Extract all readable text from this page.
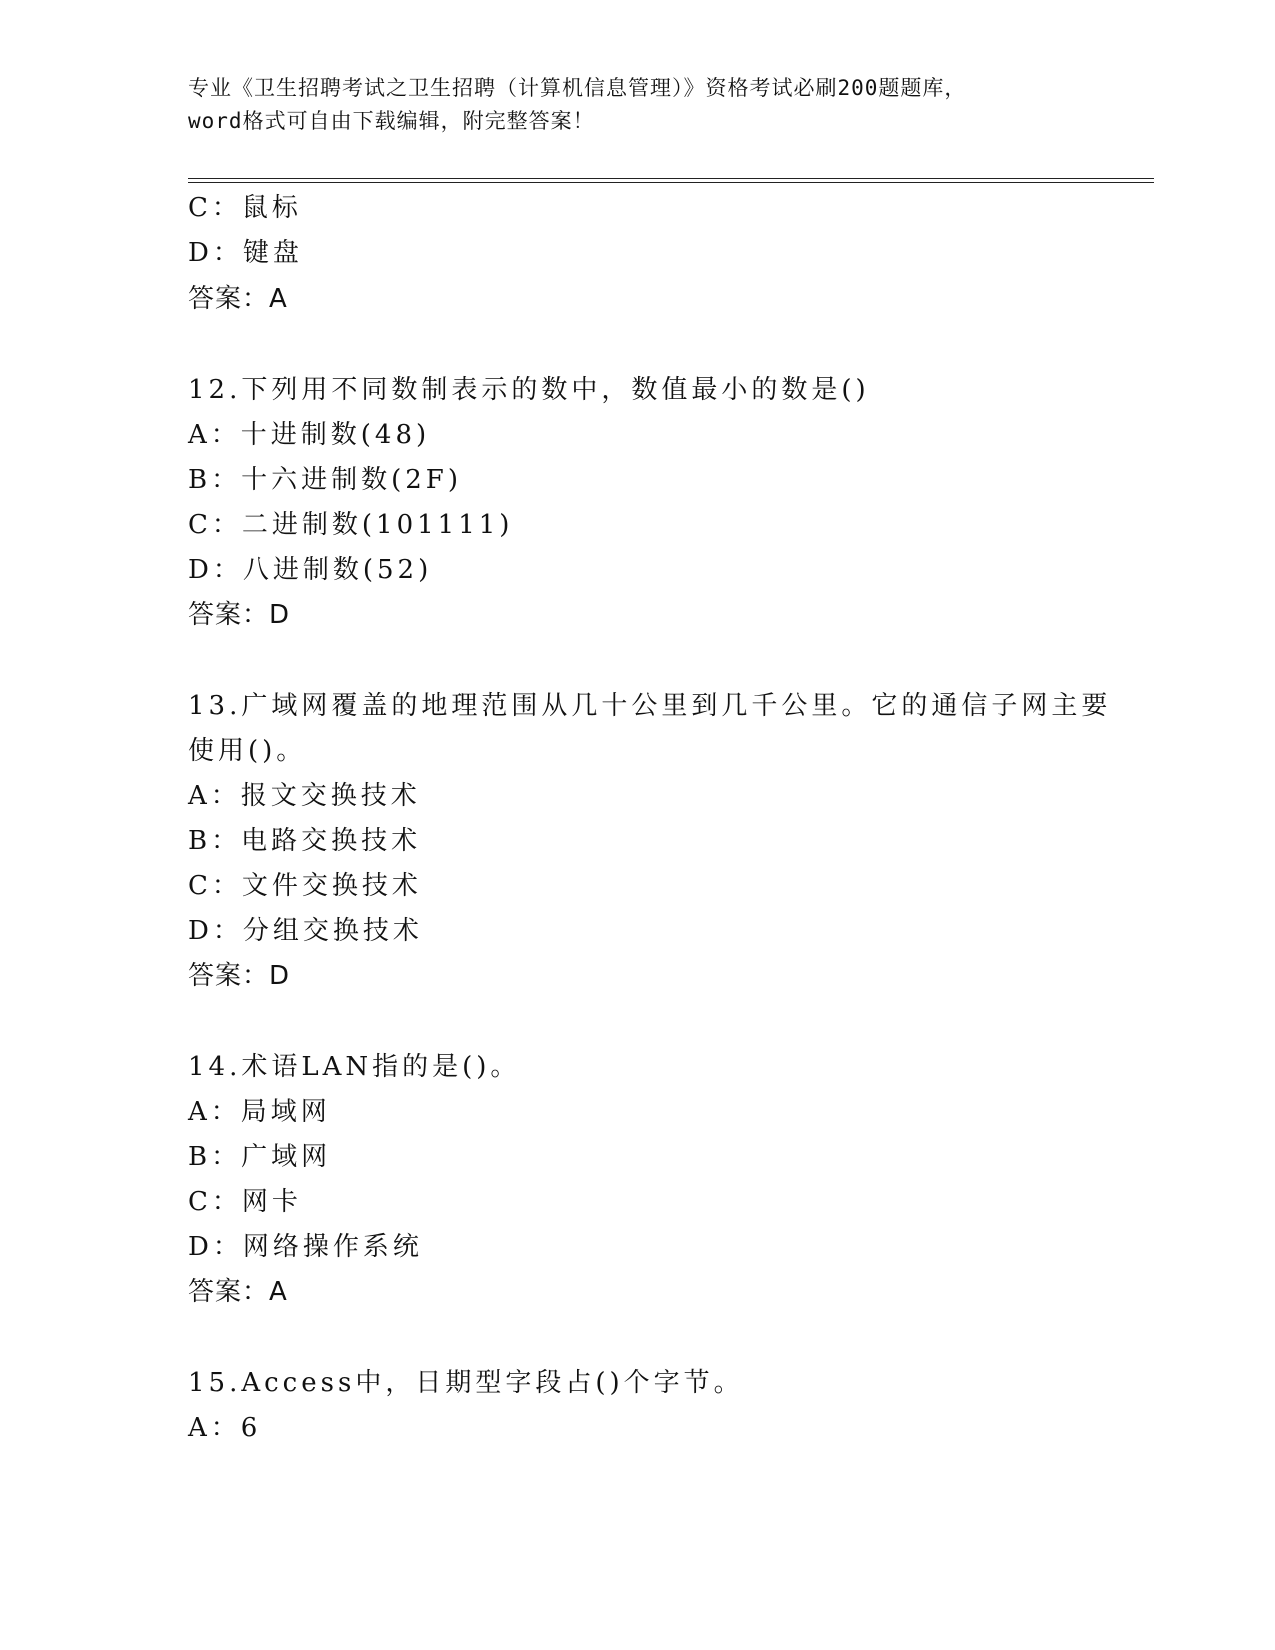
专业《卫生招聘考试之卫生招聘（计算机信息管理）》资格考试必刷200题题库，
word格式可自由下载编辑，附完整答案！
C：鼠标
D：键盘
答案：A
12.下列用不同数制表示的数中，数值最小的数是()
A：十进制数(48)
B：十六进制数(2F)
C：二进制数(101111)
D：八进制数(52)
答案：D
13.广域网覆盖的地理范围从几十公里到几千公里。它的通信子网主要
使用()。
A：报文交换技术
B：电路交换技术
C：文件交换技术
D：分组交换技术
答案：D
14.术语LAN指的是()。
A：局域网
B：广域网
C：网卡
D：网络操作系统
答案：A
15.Access中，日期型字段占()个字节。
A：6
